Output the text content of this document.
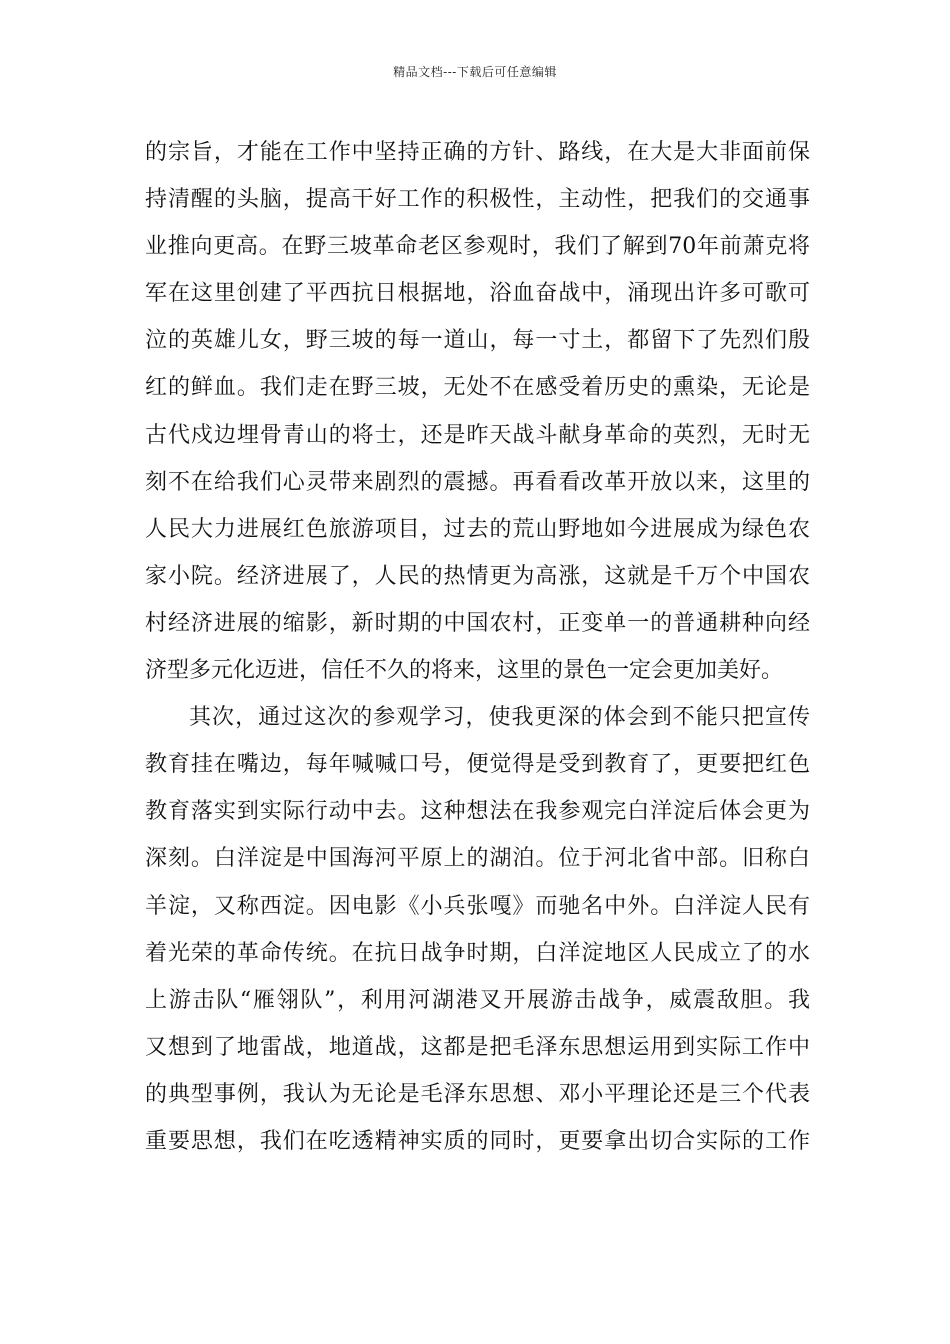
精品文档---下载后可任意编辑
的宗旨，才能在工作中坚持正确的方针、路线，在大是大非面前保
持清醒的头脑，提高干好工作的积极性，主动性，把我们的交通事
业推向更高。在野三坡革命老区参观时，我们了解到70年前萧克将
军在这里创建了平西抗日根据地，浴血奋战中，涌现出许多可歌可
泣的英雄儿女，野三坡的每一道山，每一寸土，都留下了先烈们殷
红的鲜血。我们走在野三坡，无处不在感受着历史的熏染，无论是
古代戍边埋骨青山的将士，还是昨天战斗献身革命的英烈，无时无
刻不在给我们心灵带来剧烈的震撼。再看看改革开放以来，这里的
人民大力进展红色旅游项目，过去的荒山野地如今进展成为绿色农
家小院。经济进展了，人民的热情更为高涨，这就是千万个中国农
村经济进展的缩影，新时期的中国农村，正变单一的普通耕种向经
济型多元化迈进，信任不久的将来，这里的景色一定会更加美好。
其次，通过这次的参观学习，使我更深的体会到不能只把宣传
教育挂在嘴边，每年喊喊口号，便觉得是受到教育了，更要把红色
教育落实到实际行动中去。这种想法在我参观完白洋淀后体会更为
深刻。白洋淀是中国海河平原上的湖泊。位于河北省中部。旧称白
羊淀，又称西淀。因电影《小兵张嘎》而驰名中外。白洋淀人民有
着光荣的革命传统。在抗日战争时期，白洋淀地区人民成立了的水
上游击队“雁翎队”，利用河湖港叉开展游击战争，威震敌胆。我
又想到了地雷战，地道战，这都是把毛泽东思想运用到实际工作中
的典型事例，我认为无论是毛泽东思想、邓小平理论还是三个代表
重要思想，我们在吃透精神实质的同时，更要拿出切合实际的工作
